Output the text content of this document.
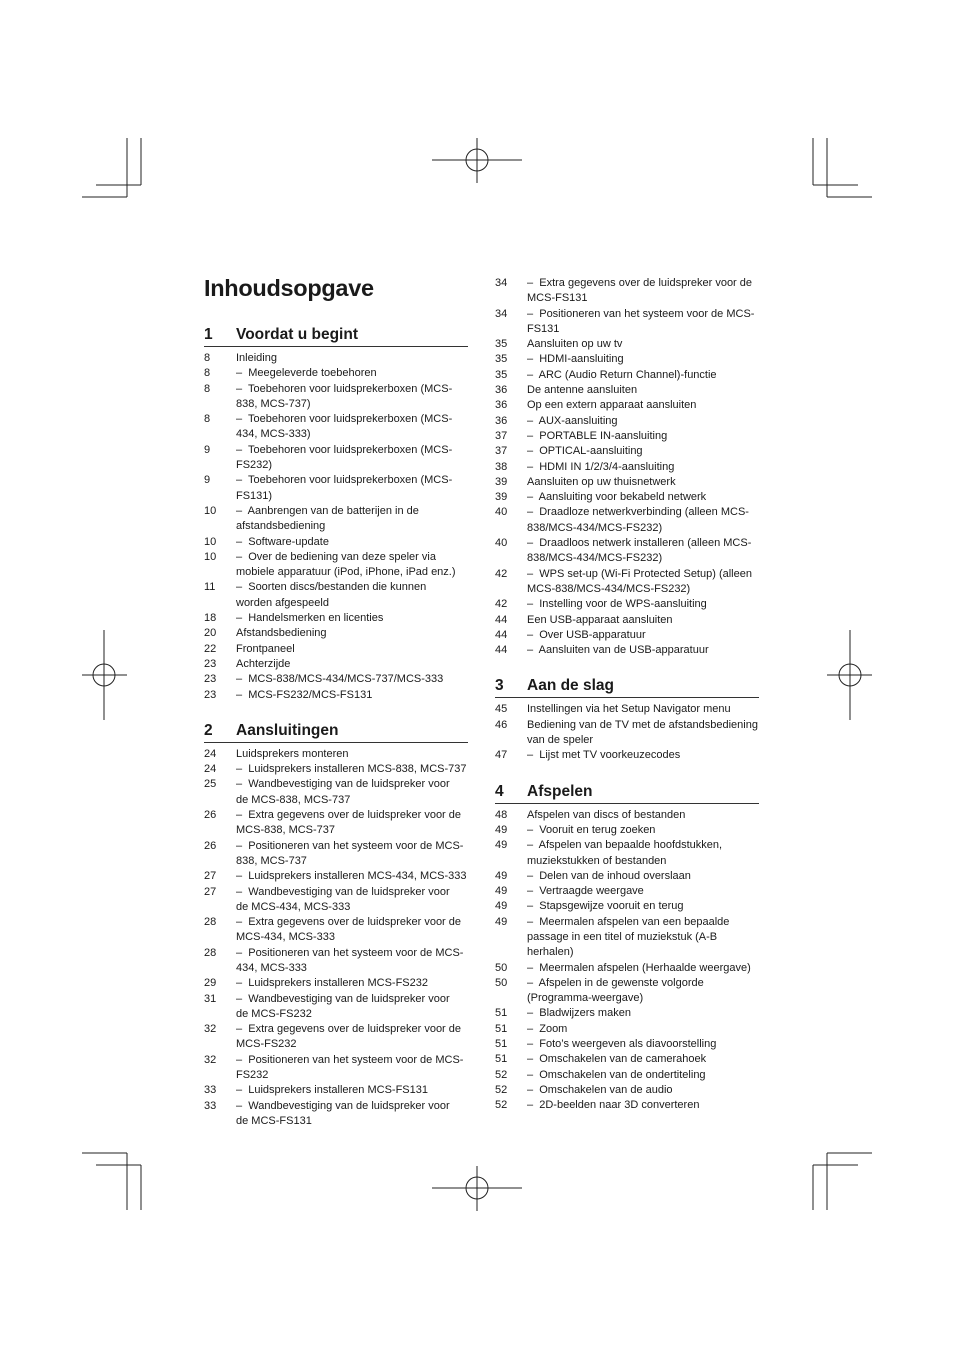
Inhoudsopgave
1	Voordat u begint
8	Inleiding
8	–  Meegeleverde toebehoren
8	–  Toebehoren voor luidsprekerboxen (MCS-
838, MCS-737)
8	–  Toebehoren voor luidsprekerboxen (MCS-
434, MCS-333)
9	–  Toebehoren voor luidsprekerboxen (MCS-
FS232)
9	–  Toebehoren voor luidsprekerboxen (MCS-
FS131)
10	–  Aanbrengen van de batterijen in de
afstandsbediening
10	–  Software-update
10	–  Over de bediening van deze speler via
mobiele apparatuur (iPod, iPhone, iPad enz.)
11	–  Soorten discs/bestanden die kunnen
worden afgespeeld
18	–  Handelsmerken en licenties
20	Afstandsbediening
22	Frontpaneel
23	Achterzijde
23	–  MCS-838/MCS-434/MCS-737/MCS-333
23	–  MCS-FS232/MCS-FS131
2	Aansluitingen
24	Luidsprekers monteren
24	–  Luidsprekers installeren MCS-838, MCS-737
25	–  Wandbevestiging van de luidspreker voor
de MCS-838, MCS-737
26	–  Extra gegevens over de luidspreker voor de
MCS-838, MCS-737
26	–  Positioneren van het systeem voor de MCS-
838, MCS-737
27	–  Luidsprekers installeren MCS-434, MCS-333
27	–  Wandbevestiging van de luidspreker voor
de MCS-434, MCS-333
28	–  Extra gegevens over de luidspreker voor de
MCS-434, MCS-333
28	–  Positioneren van het systeem voor de MCS-
434, MCS-333
29	–  Luidsprekers installeren MCS-FS232
31	–  Wandbevestiging van de luidspreker voor
de MCS-FS232
32	–  Extra gegevens over de luidspreker voor de
MCS-FS232
32	–  Positioneren van het systeem voor de MCS-
FS232
33	–  Luidsprekers installeren MCS-FS131
33	–  Wandbevestiging van de luidspreker voor
de MCS-FS131
34	–  Extra gegevens over de luidspreker voor de
MCS-FS131
34	–  Positioneren van het systeem voor de MCS-
FS131
35	Aansluiten op uw tv
35	–  HDMI-aansluiting
35	–  ARC (Audio Return Channel)-functie
36	De antenne aansluiten
36	Op een extern apparaat aansluiten
36	–  AUX-aansluiting
37	–  PORTABLE IN-aansluiting
37	–  OPTICAL-aansluiting
38	–  HDMI IN 1/2/3/4-aansluiting
39	Aansluiten op uw thuisnetwerk
39	–  Aansluiting voor bekabeld netwerk
40	–  Draadloze netwerkverbinding (alleen MCS-
838/MCS-434/MCS-FS232)
40	–  Draadloos netwerk installeren (alleen MCS-
838/MCS-434/MCS-FS232)
42	–  WPS set-up (Wi-Fi Protected Setup) (alleen
MCS-838/MCS-434/MCS-FS232)
42	–  Instelling voor de WPS-aansluiting
44	Een USB-apparaat aansluiten
44	–  Over USB-apparatuur
44	–  Aansluiten van de USB-apparatuur
3	Aan de slag
45	Instellingen via het Setup Navigator menu
46	Bediening van de TV met de afstandsbediening
van de speler
47	–  Lijst met TV voorkeuzecodes
4	Afspelen
48	Afspelen van discs of bestanden
49	–  Vooruit en terug zoeken
49	–  Afspelen van bepaalde hoofdstukken,
muziekstukken of bestanden
49	–  Delen van de inhoud overslaan
49	–  Vertraagde weergave
49	–  Stapsgewijze vooruit en terug
49	–  Meermalen afspelen van een bepaalde
passage in een titel of muziekstuk (A-B
herhalen)
50	–  Meermalen afspelen (Herhaalde weergave)
50	–  Afspelen in de gewenste volgorde
(Programma-weergave)
51	–  Bladwijzers maken
51	–  Zoom
51	–  Foto’s weergeven als diavoorstelling
51	–  Omschakelen van de camerahoek
52	–  Omschakelen van de ondertiteling
52	–  Omschakelen van de audio
52	–  2D-beelden naar 3D converteren
